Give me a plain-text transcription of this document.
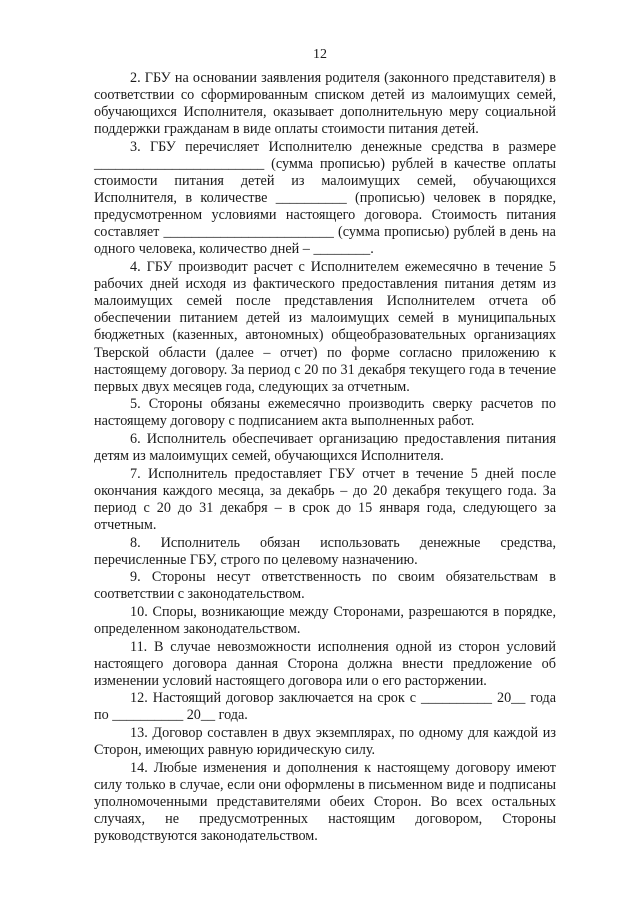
12

2. ГБУ на основании заявления родителя (законного представителя) в соответствии со сформированным списком детей из малоимущих семей, обучающихся Исполнителя, оказывает дополнительную меру социальной поддержки гражданам в виде оплаты стоимости питания детей.

3. ГБУ перечисляет Исполнителю денежные средства в размере ________________________ (сумма прописью) рублей в качестве оплаты стоимости питания детей из малоимущих семей, обучающихся Исполнителя, в количестве __________ (прописью) человек в порядке, предусмотренном условиями настоящего договора. Стоимость питания составляет ________________________ (сумма прописью) рублей в день на одного человека, количество дней – ________.

4. ГБУ производит расчет с Исполнителем ежемесячно в течение 5 рабочих дней исходя из фактического предоставления питания детям из малоимущих семей после представления Исполнителем отчета об обеспечении питанием детей из малоимущих семей в муниципальных бюджетных (казенных, автономных) общеобразовательных организациях Тверской области (далее – отчет) по форме согласно приложению к настоящему договору. За период с 20 по 31 декабря текущего года в течение первых двух месяцев года, следующих за отчетным.

5. Стороны обязаны ежемесячно производить сверку расчетов по настоящему договору с подписанием акта выполненных работ.

6. Исполнитель обеспечивает организацию предоставления питания детям из малоимущих семей, обучающихся Исполнителя.

7. Исполнитель предоставляет ГБУ отчет в течение 5 дней после окончания каждого месяца, за декабрь – до 20 декабря текущего года. За период с 20 до 31 декабря – в срок до 15 января года, следующего за отчетным.

8. Исполнитель обязан использовать денежные средства, перечисленные ГБУ, строго по целевому назначению.

9. Стороны несут ответственность по своим обязательствам в соответствии с законодательством.

10. Споры, возникающие между Сторонами, разрешаются в порядке, определенном законодательством.

11. В случае невозможности исполнения одной из сторон условий настоящего договора данная Сторона должна внести предложение об изменении условий настоящего договора или о его расторжении.

12. Настоящий договор заключается на срок с __________ 20__ года по __________ 20__ года.

13. Договор составлен в двух экземплярах, по одному для каждой из Сторон, имеющих равную юридическую силу.

14. Любые изменения и дополнения к настоящему договору имеют силу только в случае, если они оформлены в письменном виде и подписаны уполномоченными представителями обеих Сторон. Во всех остальных случаях, не предусмотренных настоящим договором, Стороны руководствуются законодательством.
